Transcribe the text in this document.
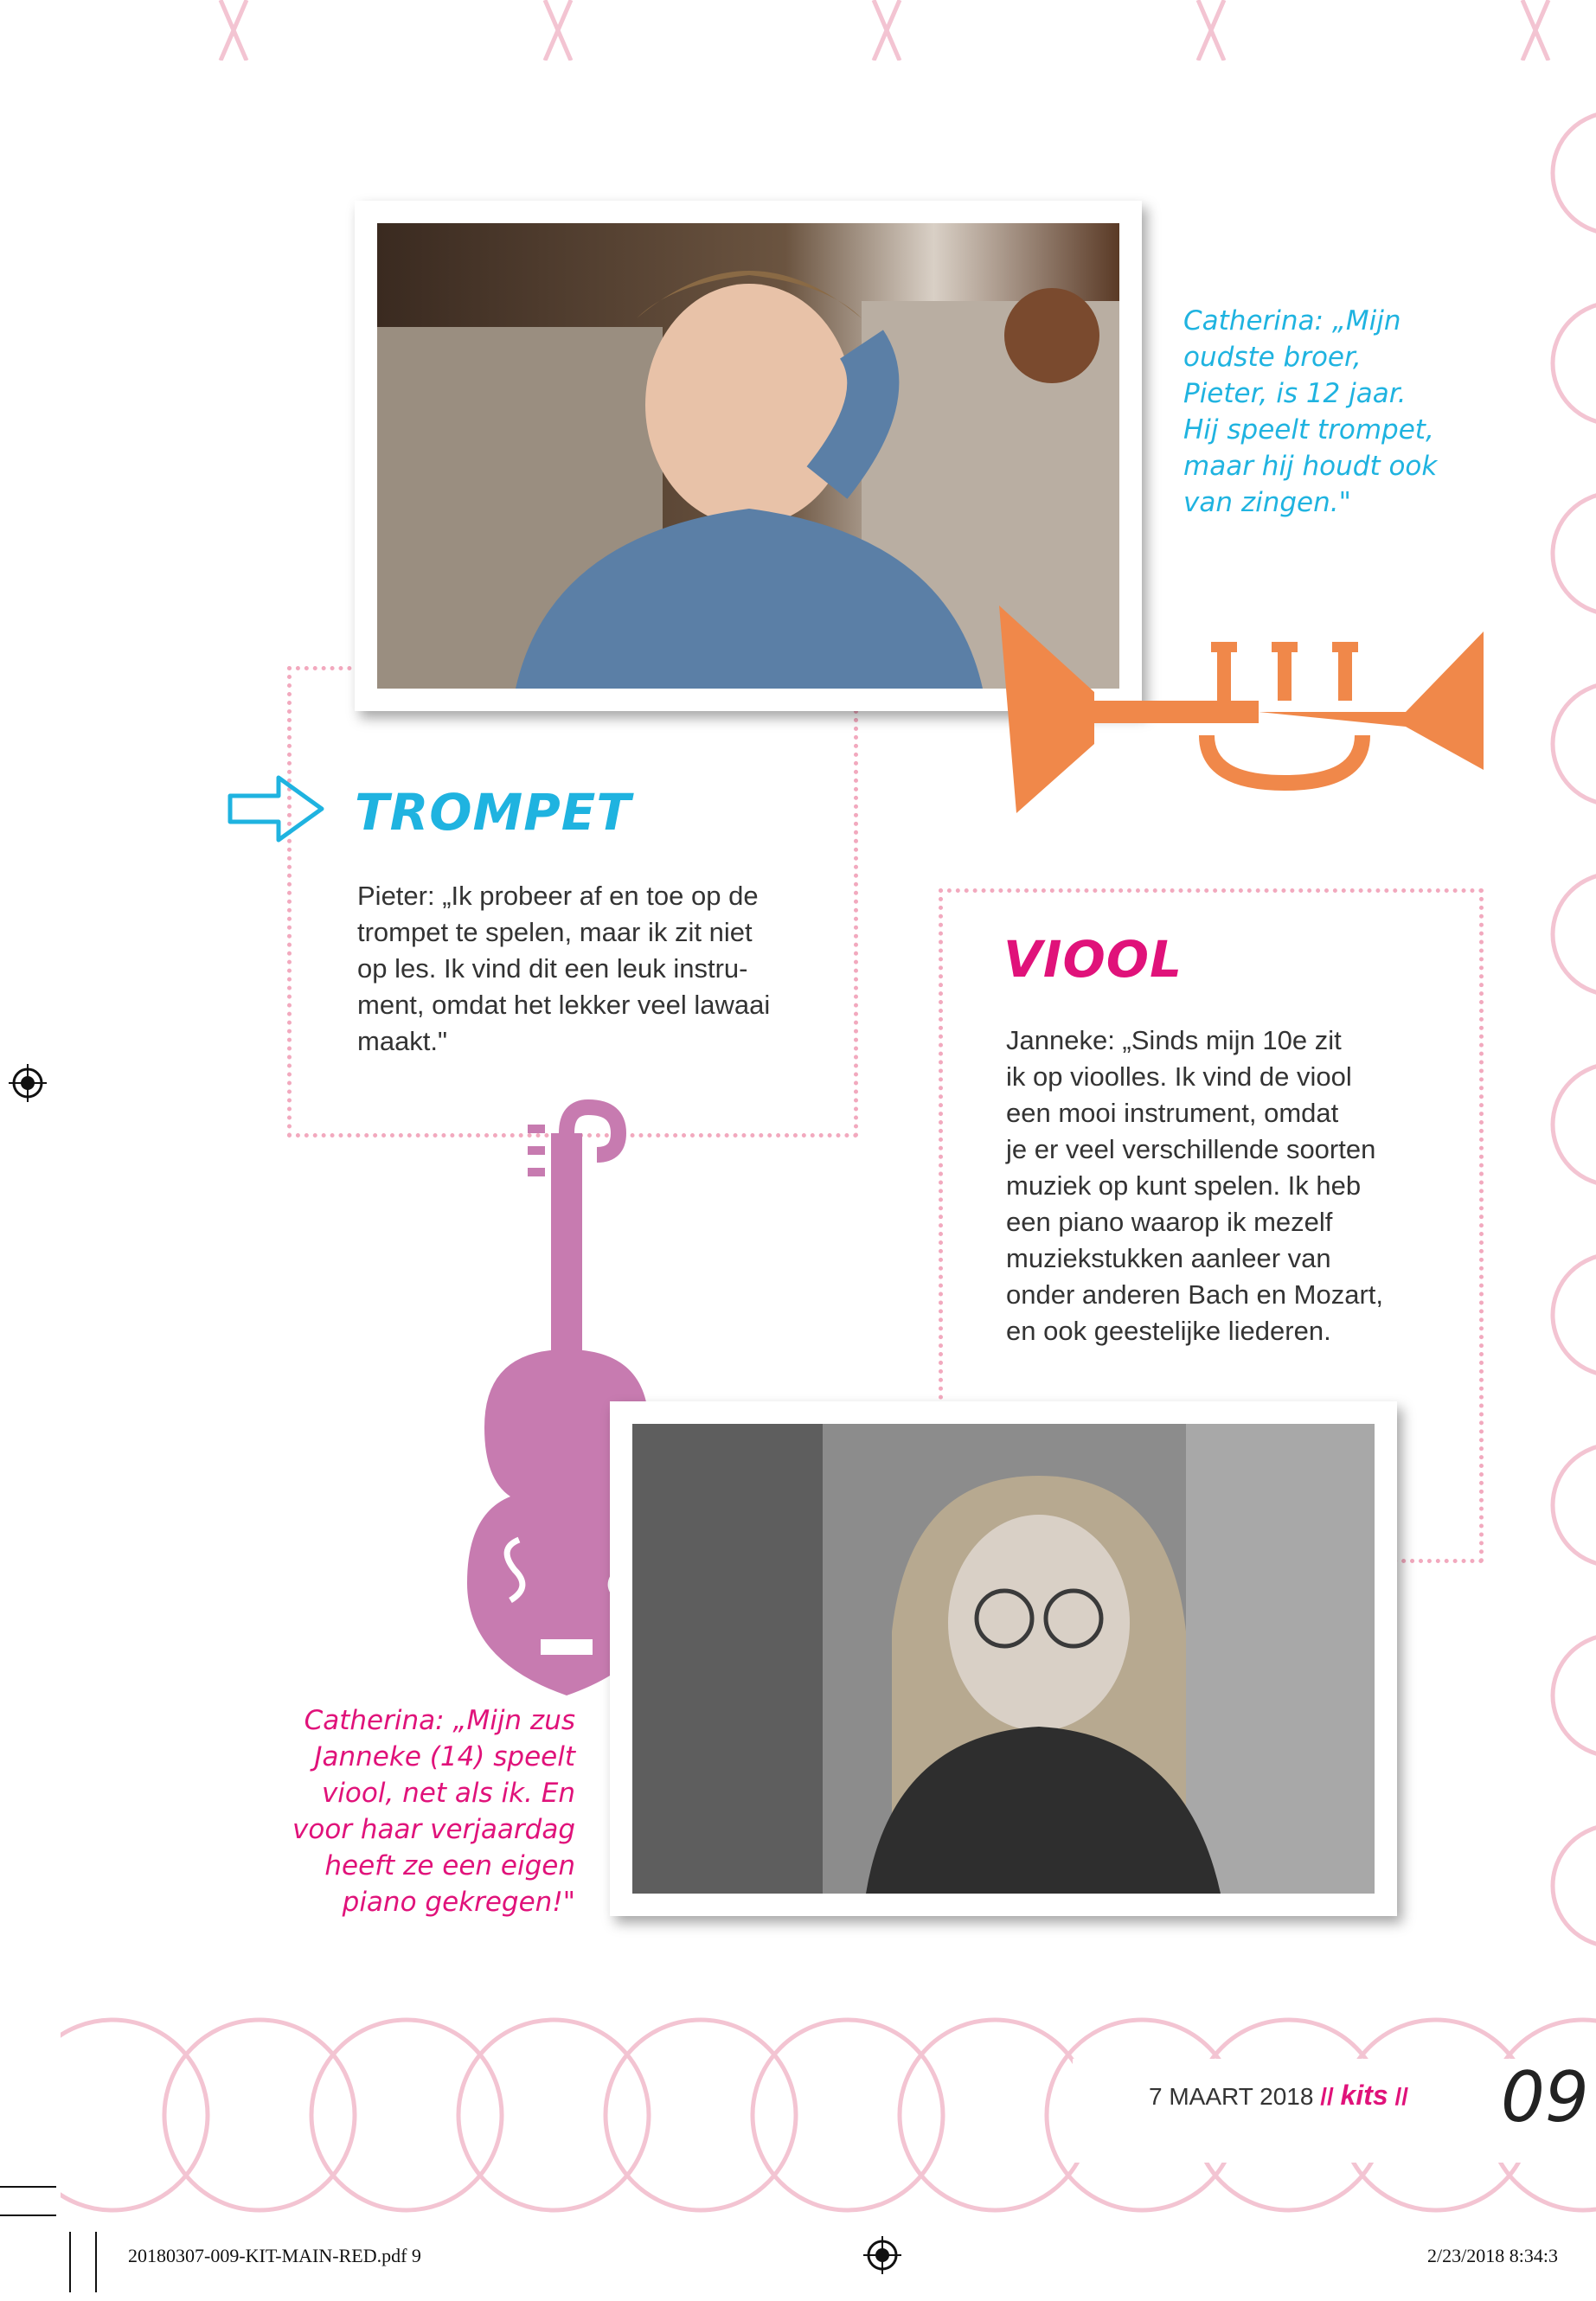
Catherina: „Mijn
oudste broer,
Pieter, is 12 jaar.
Hij speelt trompet,
maar hij houdt ook
van zingen."
TROMPET
Pieter: „Ik probeer af en toe op de
trompet te spelen, maar ik zit niet
op les. Ik vind dit een leuk instru-
ment, omdat het lekker veel lawaai
maakt."
VIOOL
Janneke: „Sinds mijn 10e zit
ik op vioolles. Ik vind de viool
een mooi instrument, omdat
je er veel verschillende soorten
muziek op kunt spelen. Ik heb
een piano waarop ik mezelf
muziekstukken aanleer van
onder anderen Bach en Mozart,
en ook geestelijke liederen.
Catherina: „Mijn zus
Janneke (14) speelt
viool, net als ik. En
voor haar verjaardag
heeft ze een eigen
piano gekregen!"
7 MAART 2018 // kits // 09
20180307-009-KIT-MAIN-RED.pdf 9	2/23/2018 8:34:3
